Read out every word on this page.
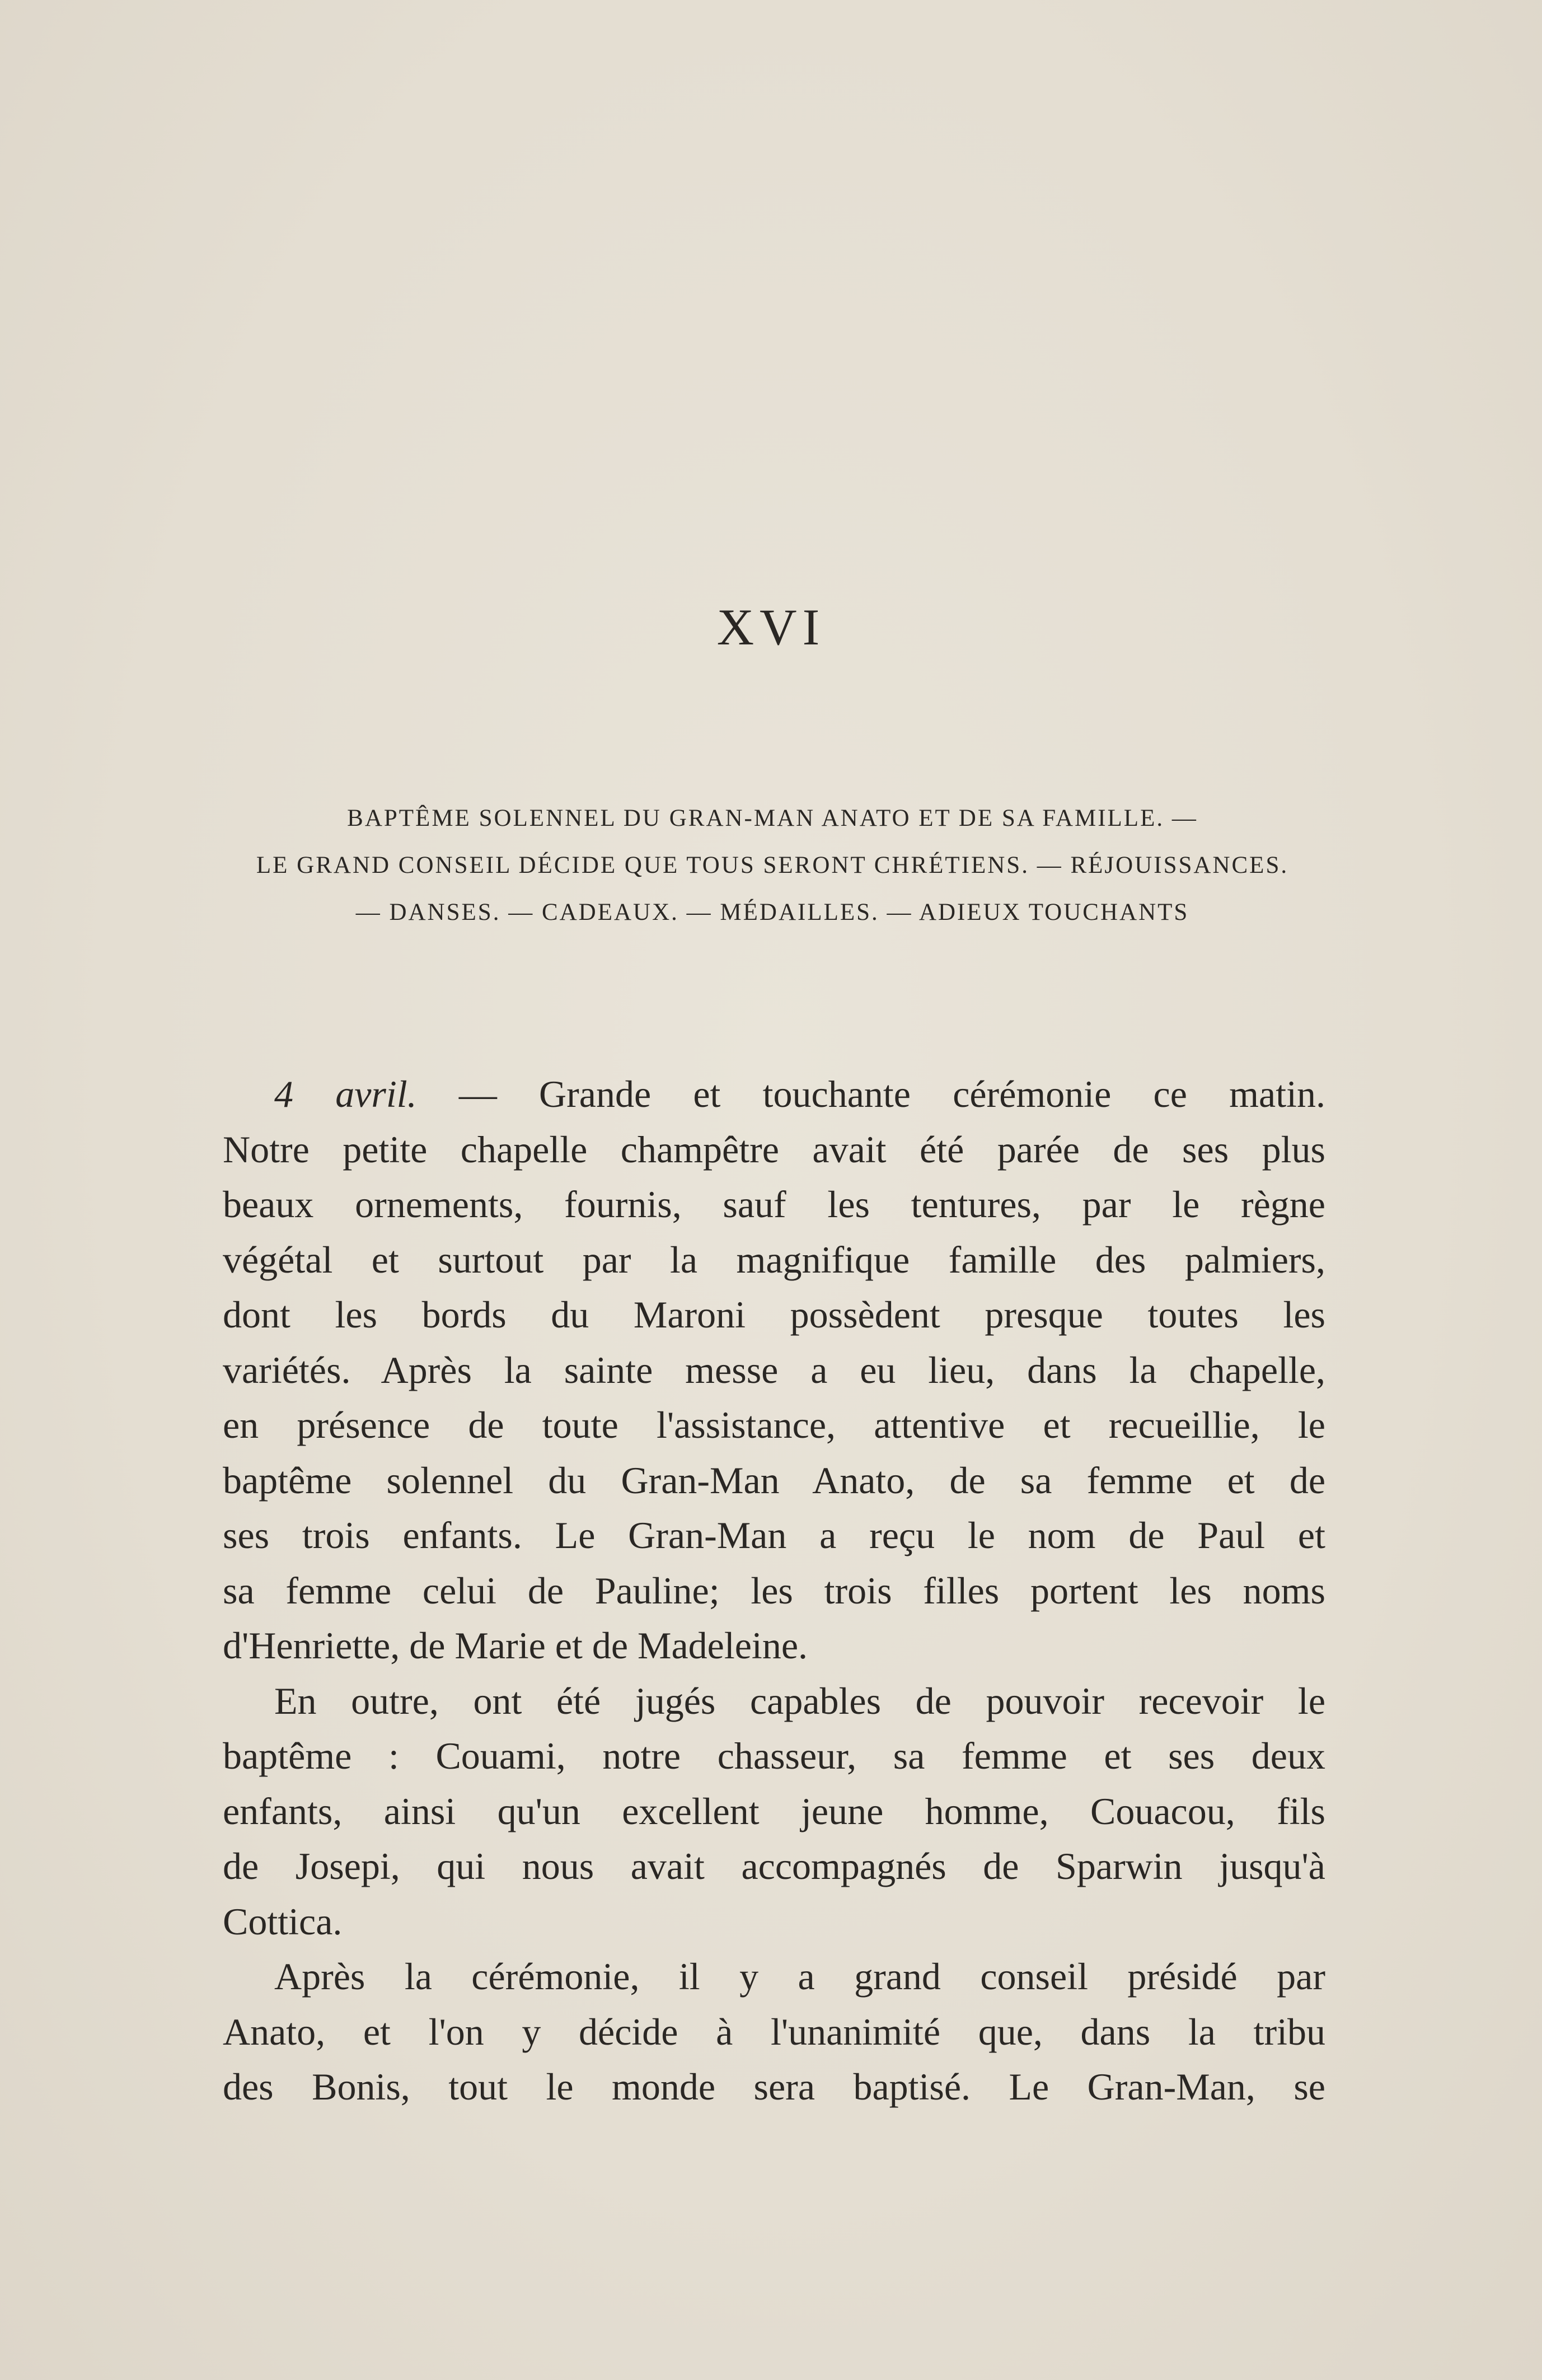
XVI
BAPTÊME SOLENNEL DU GRAN-MAN ANATO ET DE SA FAMILLE. —
LE GRAND CONSEIL DÉCIDE QUE TOUS SERONT CHRÉTIENS. — RÉJOUISSANCES.
— DANSES. — CADEAUX. — MÉDAILLES. — ADIEUX TOUCHANTS
4 avril. — Grande et touchante cérémonie ce matin.
Notre petite chapelle champêtre avait été parée de ses plus
beaux ornements, fournis, sauf les tentures, par le règne
végétal et surtout par la magnifique famille des palmiers,
dont les bords du Maroni possèdent presque toutes les
variétés. Après la sainte messe a eu lieu, dans la chapelle,
en présence de toute l'assistance, attentive et recueillie, le
baptême solennel du Gran-Man Anato, de sa femme et de
ses trois enfants. Le Gran-Man a reçu le nom de Paul et
sa femme celui de Pauline; les trois filles portent les noms
d'Henriette, de Marie et de Madeleine.
En outre, ont été jugés capables de pouvoir recevoir le
baptême : Couami, notre chasseur, sa femme et ses deux
enfants, ainsi qu'un excellent jeune homme, Couacou, fils
de Josepi, qui nous avait accompagnés de Sparwin jusqu'à
Cottica.
Après la cérémonie, il y a grand conseil présidé par
Anato, et l'on y décide à l'unanimité que, dans la tribu
des Bonis, tout le monde sera baptisé. Le Gran-Man, se
